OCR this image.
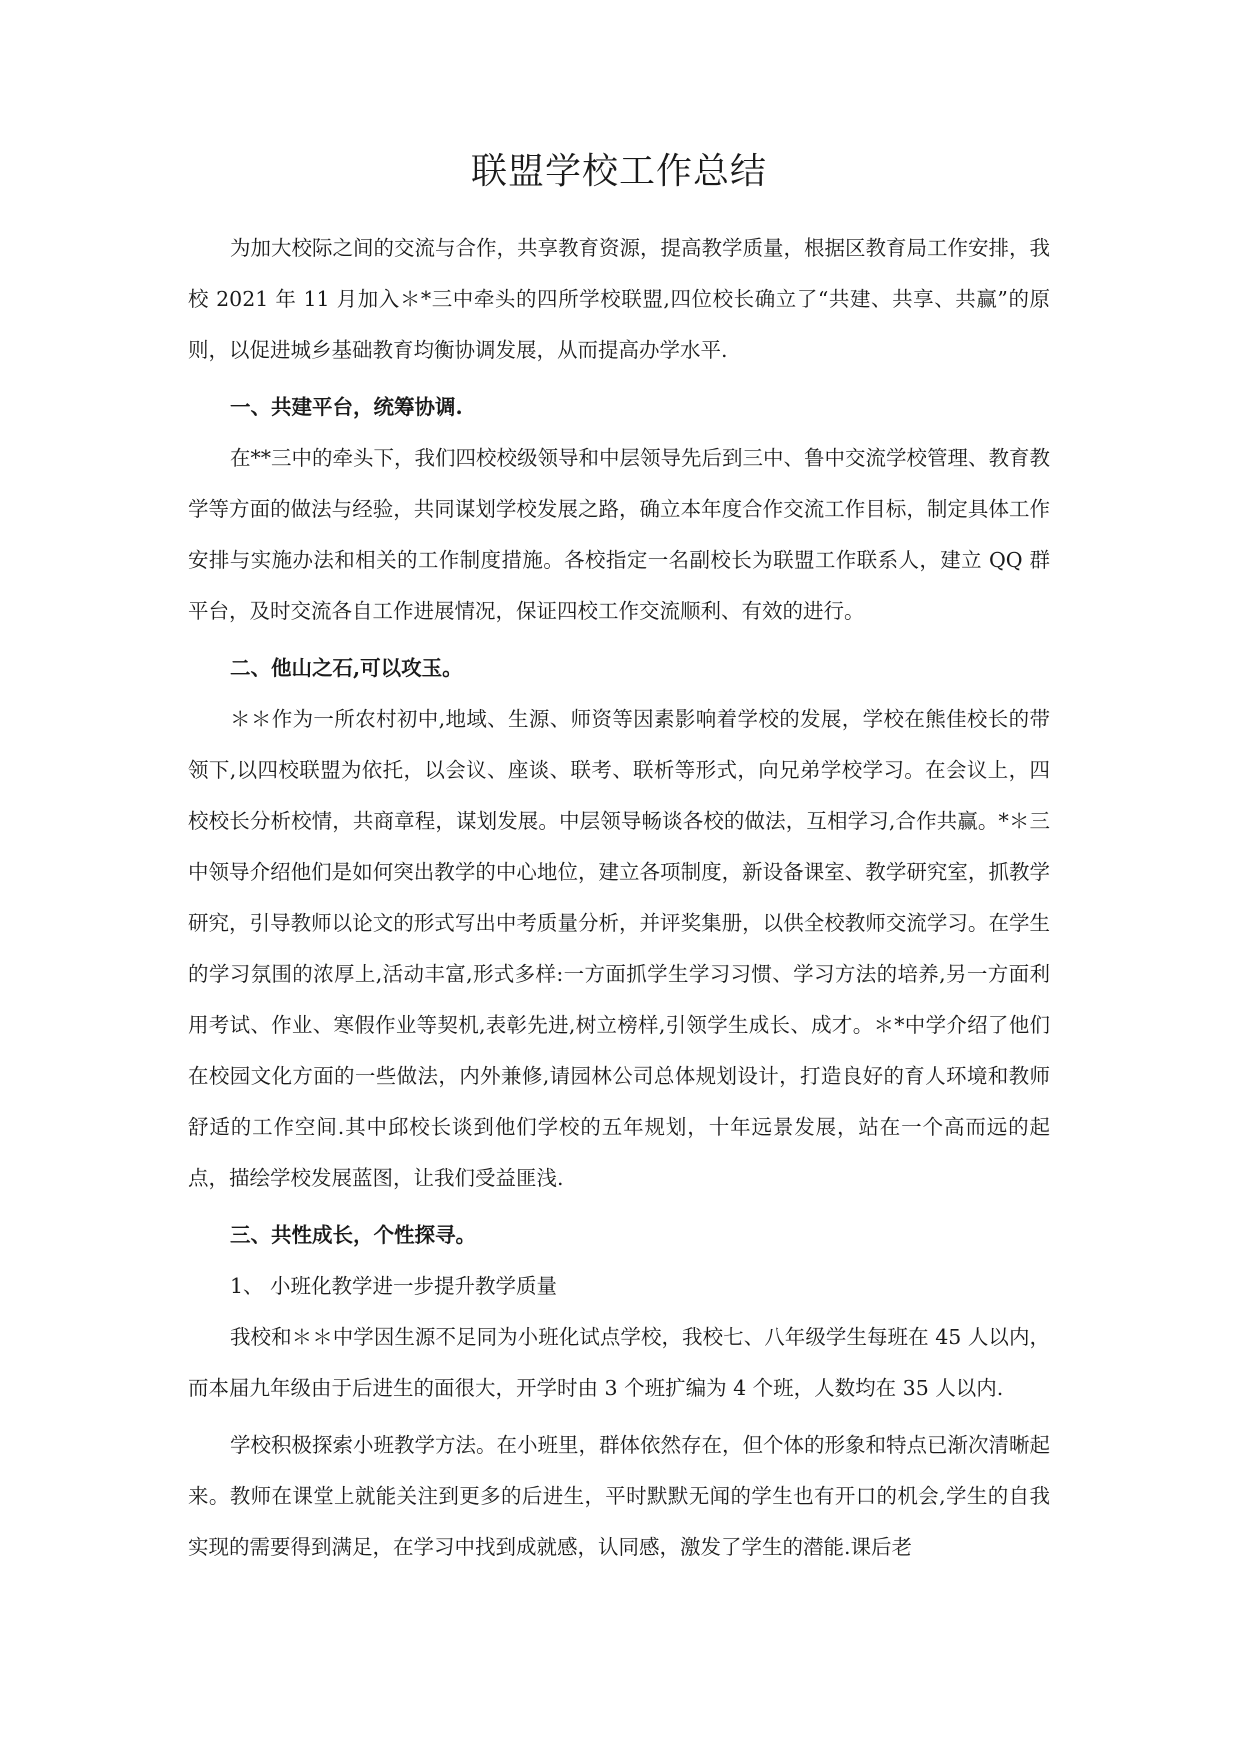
联盟学校工作总结

为加大校际之间的交流与合作，共享教育资源，提高教学质量，根据区教育局工作安排，我校 2021 年 11 月加入＊*三中牵头的四所学校联盟,四位校长确立了“共建、共享、共赢”的原则，以促进城乡基础教育均衡协调发展，从而提高办学水平.

一、共建平台，统筹协调.

在**三中的牵头下，我们四校校级领导和中层领导先后到三中、鲁中交流学校管理、教育教学等方面的做法与经验，共同谋划学校发展之路，确立本年度合作交流工作目标，制定具体工作安排与实施办法和相关的工作制度措施。各校指定一名副校长为联盟工作联系人，建立 QQ 群平台，及时交流各自工作进展情况，保证四校工作交流顺利、有效的进行。

二、他山之石,可以攻玉。

＊＊作为一所农村初中,地域、生源、师资等因素影响着学校的发展，学校在熊佳校长的带领下,以四校联盟为依托，以会议、座谈、联考、联析等形式，向兄弟学校学习。在会议上，四校校长分析校情，共商章程，谋划发展。中层领导畅谈各校的做法，互相学习,合作共赢。*＊三中领导介绍他们是如何突出教学的中心地位，建立各项制度，新设备课室、教学研究室，抓教学研究，引导教师以论文的形式写出中考质量分析，并评奖集册，以供全校教师交流学习。在学生的学习氛围的浓厚上,活动丰富,形式多样:一方面抓学生学习习惯、学习方法的培养,另一方面利用考试、作业、寒假作业等契机,表彰先进,树立榜样,引领学生成长、成才。＊*中学介绍了他们在校园文化方面的一些做法，内外兼修,请园林公司总体规划设计，打造良好的育人环境和教师舒适的工作空间.其中邱校长谈到他们学校的五年规划，十年远景发展，站在一个高而远的起点，描绘学校发展蓝图，让我们受益匪浅.

三、共性成长，个性探寻。

1、 小班化教学进一步提升教学质量

我校和＊＊中学因生源不足同为小班化试点学校，我校七、八年级学生每班在 45 人以内，而本届九年级由于后进生的面很大，开学时由 3 个班扩编为 4 个班，人数均在 35 人以内.

学校积极探索小班教学方法。在小班里，群体依然存在，但个体的形象和特点已渐次清晰起来。教师在课堂上就能关注到更多的后进生，平时默默无闻的学生也有开口的机会,学生的自我实现的需要得到满足，在学习中找到成就感，认同感，激发了学生的潜能.课后老
